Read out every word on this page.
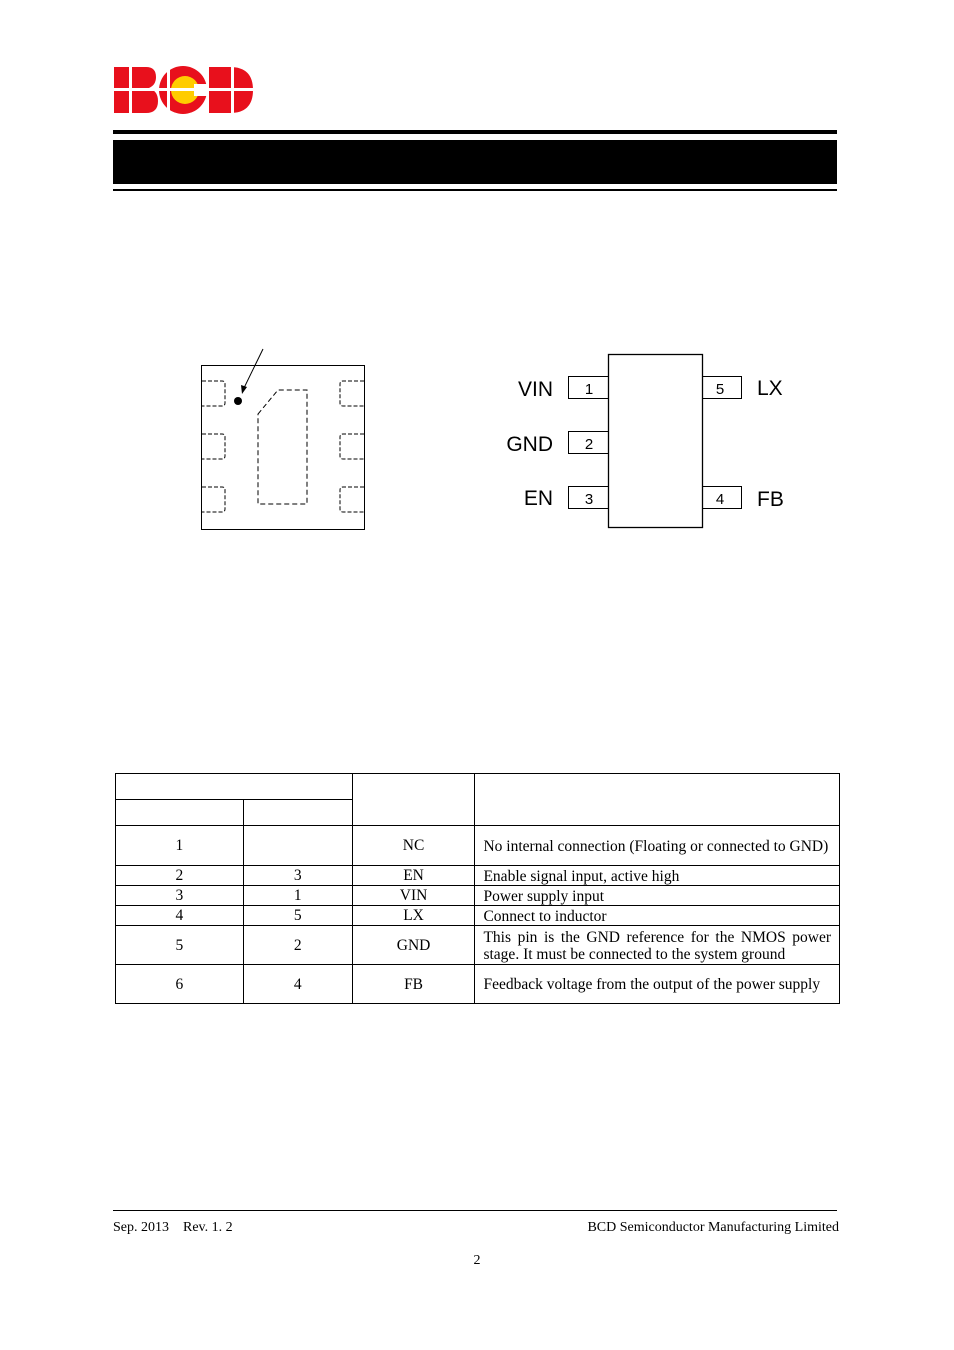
1
2
3	4
5
VIN
GND
EN	FB
LX

1		NC	No internal connection (Floating or connected to GND)
2	3	EN	Enable signal input, active high
3	1	VIN	Power supply input
4	5	LX	Connect to inductor
5	2	GND	This pin is the GND reference for the NMOS power stage. It must be connected to the system ground
6	4	FB	Feedback voltage from the output of the power supply
Sep. 2013    Rev. 1. 2	BCD Semiconductor Manufacturing Limited
2
